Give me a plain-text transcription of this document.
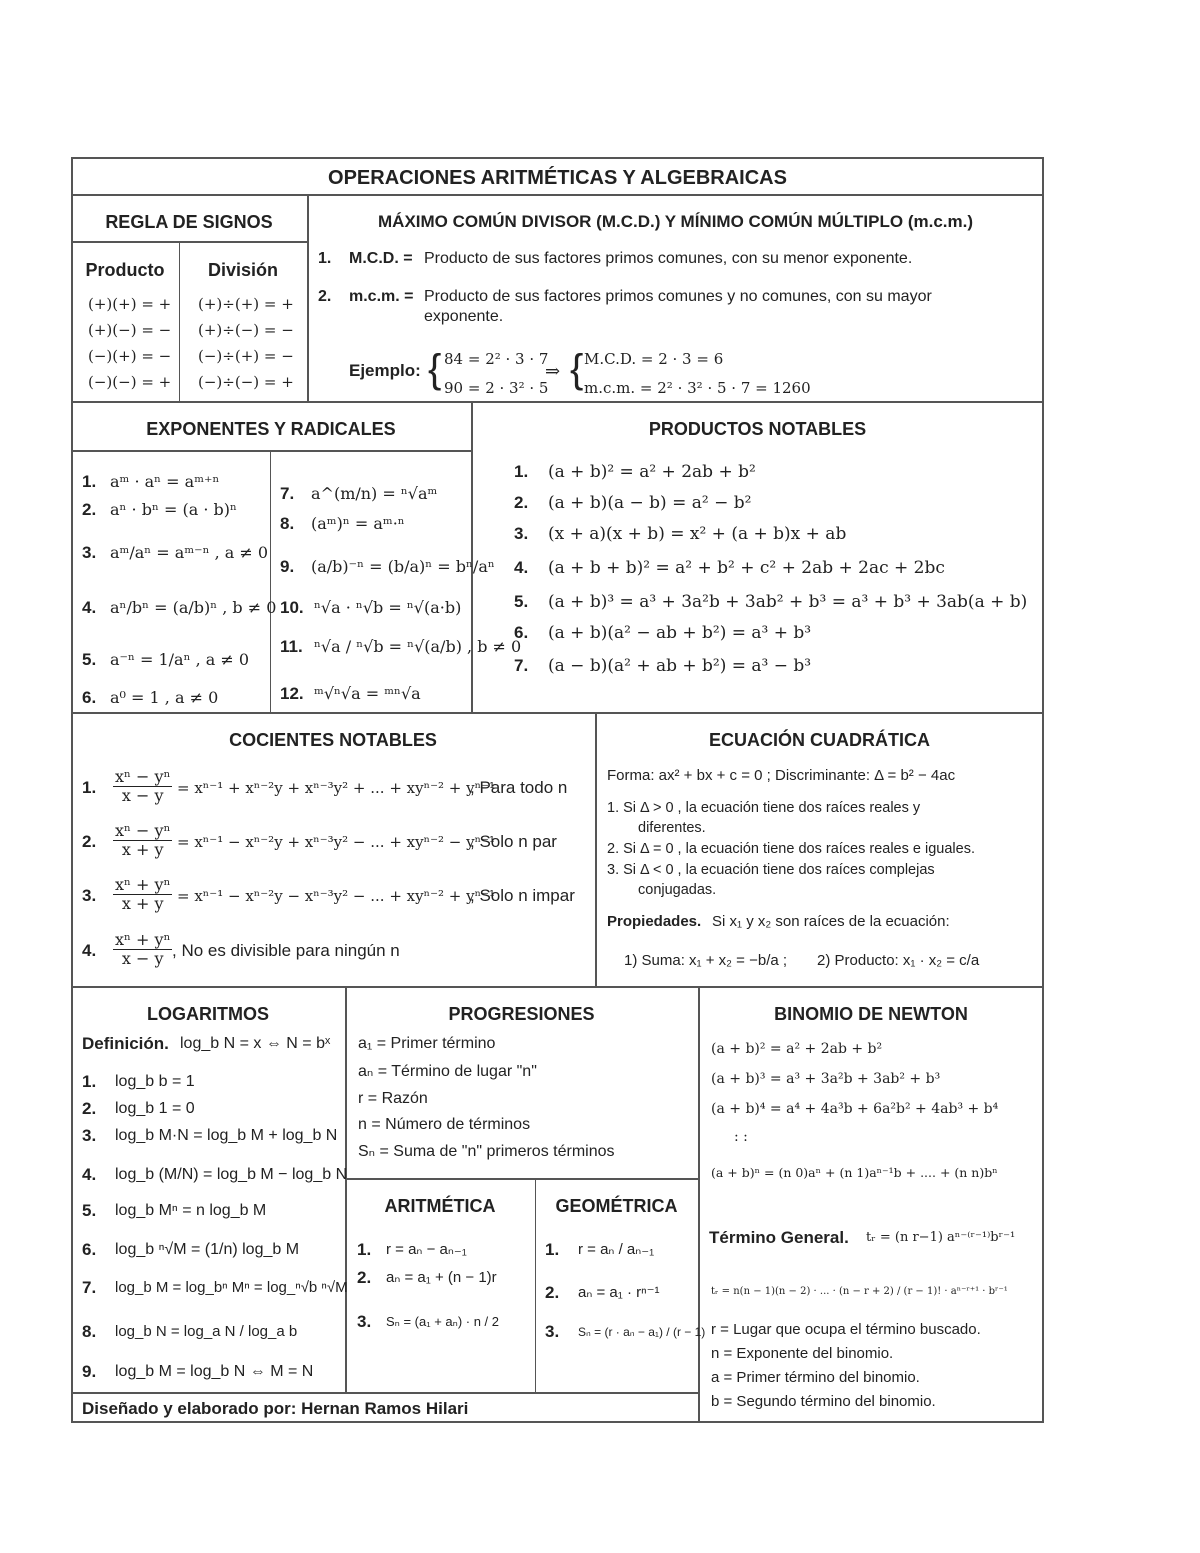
OPERACIONES ARITMÉTICAS Y ALGEBRAICAS
REGLA DE SIGNOS
Producto	División
(+)(+) = +
(+)(−) = −
(−)(+) = −
(−)(−) = +
(+)÷(+) = +
(+)÷(−) = −
(−)÷(+) = −
(−)÷(−) = +
MÁXIMO COMÚN DIVISOR (M.C.D.) Y MÍNIMO COMÚN MÚLTIPLO (m.c.m.)
1. M.C.D. = Producto de sus factores primos comunes, con su menor exponente.
2. m.c.m. = Producto de sus factores primos comunes y no comunes, con su mayor
exponente.
Ejemplo: { 84 = 2² · 3 · 7
90 = 2 · 3² · 5
⇒ { M.C.D. = 2 · 3 = 6
m.c.m. = 2² · 3² · 5 · 7 = 1260
EXPONENTES Y RADICALES
1. aᵐ · aⁿ = aᵐ⁺ⁿ
2. aⁿ · bⁿ = (a · b)ⁿ
3. aᵐ/aⁿ = aᵐ⁻ⁿ , a ≠ 0
4. aⁿ/bⁿ = (a/b)ⁿ , b ≠ 0
5. a⁻ⁿ = 1/aⁿ , a ≠ 0
6. a⁰ = 1 , a ≠ 0
7. a^(m/n) = ⁿ√aᵐ
8. (aᵐ)ⁿ = aᵐ·ⁿ
9. (a/b)⁻ⁿ = (b/a)ⁿ = bⁿ/aⁿ
10. ⁿ√a · ⁿ√b = ⁿ√(a·b)
11. ⁿ√a / ⁿ√b = ⁿ√(a/b) , b ≠ 0
12. ᵐ√ⁿ√a = ᵐⁿ√a
PRODUCTOS NOTABLES
1. (a + b)² = a² + 2ab + b²
2. (a + b)(a − b) = a² − b²
3. (x + a)(x + b) = x² + (a + b)x + ab
4. (a + b + b)² = a² + b² + c² + 2ab + 2ac + 2bc
5. (a + b)³ = a³ + 3a²b + 3ab² + b³ = a³ + b³ + 3ab(a + b)
6. (a + b)(a² − ab + b²) = a³ + b³
7. (a − b)(a² + ab + b²) = a³ − b³
COCIENTES NOTABLES
1. $\frac{\text{xⁿ − yⁿ}}{x - y} = x^{n-1} + x^{n-2}y + x^{n-3}y^2$ + ... + xyⁿ⁻² + yⁿ⁻¹
, Para todo n
2. $\frac{\text{xⁿ − yⁿ}}{x + y} = x^{n-1} - x^{n-2}y + x^{n-3}y^2$ − ... + xyⁿ⁻² − yⁿ⁻¹
, Solo n par
3. $\frac{\text{xⁿ + yⁿ}}{x + y} = x^{n-1} - x^{n-2}y - x^{n-3}y^2$ − ... + xyⁿ⁻² + yⁿ⁻¹
, Solo n impar
4. $\frac{\text{xⁿ + yⁿ}}{x - y}$ , No es divisible para ningún n
ECUACIÓN CUADRÁTICA
Forma: ax² + bx + c = 0 ; Discriminante: Δ = b² − 4ac
1. Si Δ > 0 , la ecuación tiene dos raíces reales y
diferentes.
2. Si Δ = 0 , la ecuación tiene dos raíces reales e iguales.
3. Si Δ < 0 , la ecuación tiene dos raíces complejas
conjugadas.
Propiedades. Si x₁ y x₂ son raíces de la ecuación:
1) Suma: x₁ + x₂ = −b/a ; 2) Producto: x₁ · x₂ = c/a
LOGARITMOS
Definición. log_b N = x ⇔ N = bˣ
1. log_b b = 1
2. log_b 1 = 0
3. log_b M·N = log_b M + log_b N
4. log_b (M/N) = log_b M − log_b N
5. log_b Mⁿ = n log_b M
6. log_b ⁿ√M = (1/n) log_b M
7. log_b M = log_bⁿ Mⁿ = log_ⁿ√b ⁿ√M
8. log_b N = log_a N / log_a b
9. log_b M = log_b N ⇔ M = N
PROGRESIONES
a₁ = Primer término
aₙ = Término de lugar "n"
r = Razón
n = Número de términos
Sₙ = Suma de "n" primeros términos
ARITMÉTICA	GEOMÉTRICA
1. r = aₙ − aₙ₋₁
2. aₙ = a₁ + (n − 1)r
3. Sₙ = (a₁ + aₙ) · n / 2
1. r = aₙ / aₙ₋₁
2. aₙ = a₁ · rⁿ⁻¹
3. Sₙ = (r · aₙ − a₁) / (r − 1)
BINOMIO DE NEWTON
(a + b)² = a² + 2ab + b²
(a + b)³ = a³ + 3a²b + 3ab² + b³
(a + b)⁴ = a⁴ + 4a³b + 6a²b² + 4ab³ + b⁴
: :
(a + b)ⁿ = (n 0)aⁿ + (n 1)aⁿ⁻¹b + .... + (n n)bⁿ
Término General. tᵣ = (n r−1) aⁿ⁻⁽ʳ⁻¹⁾bʳ⁻¹
tᵣ = n(n − 1)(n − 2) · ... · (n − r + 2) / (r − 1)! · aⁿ⁻ʳ⁺¹ · bʳ⁻¹
r = Lugar que ocupa el término buscado.
n = Exponente del binomio.
a = Primer término del binomio.
b = Segundo término del binomio.
Diseñado y elaborado por: Hernan Ramos Hilari
